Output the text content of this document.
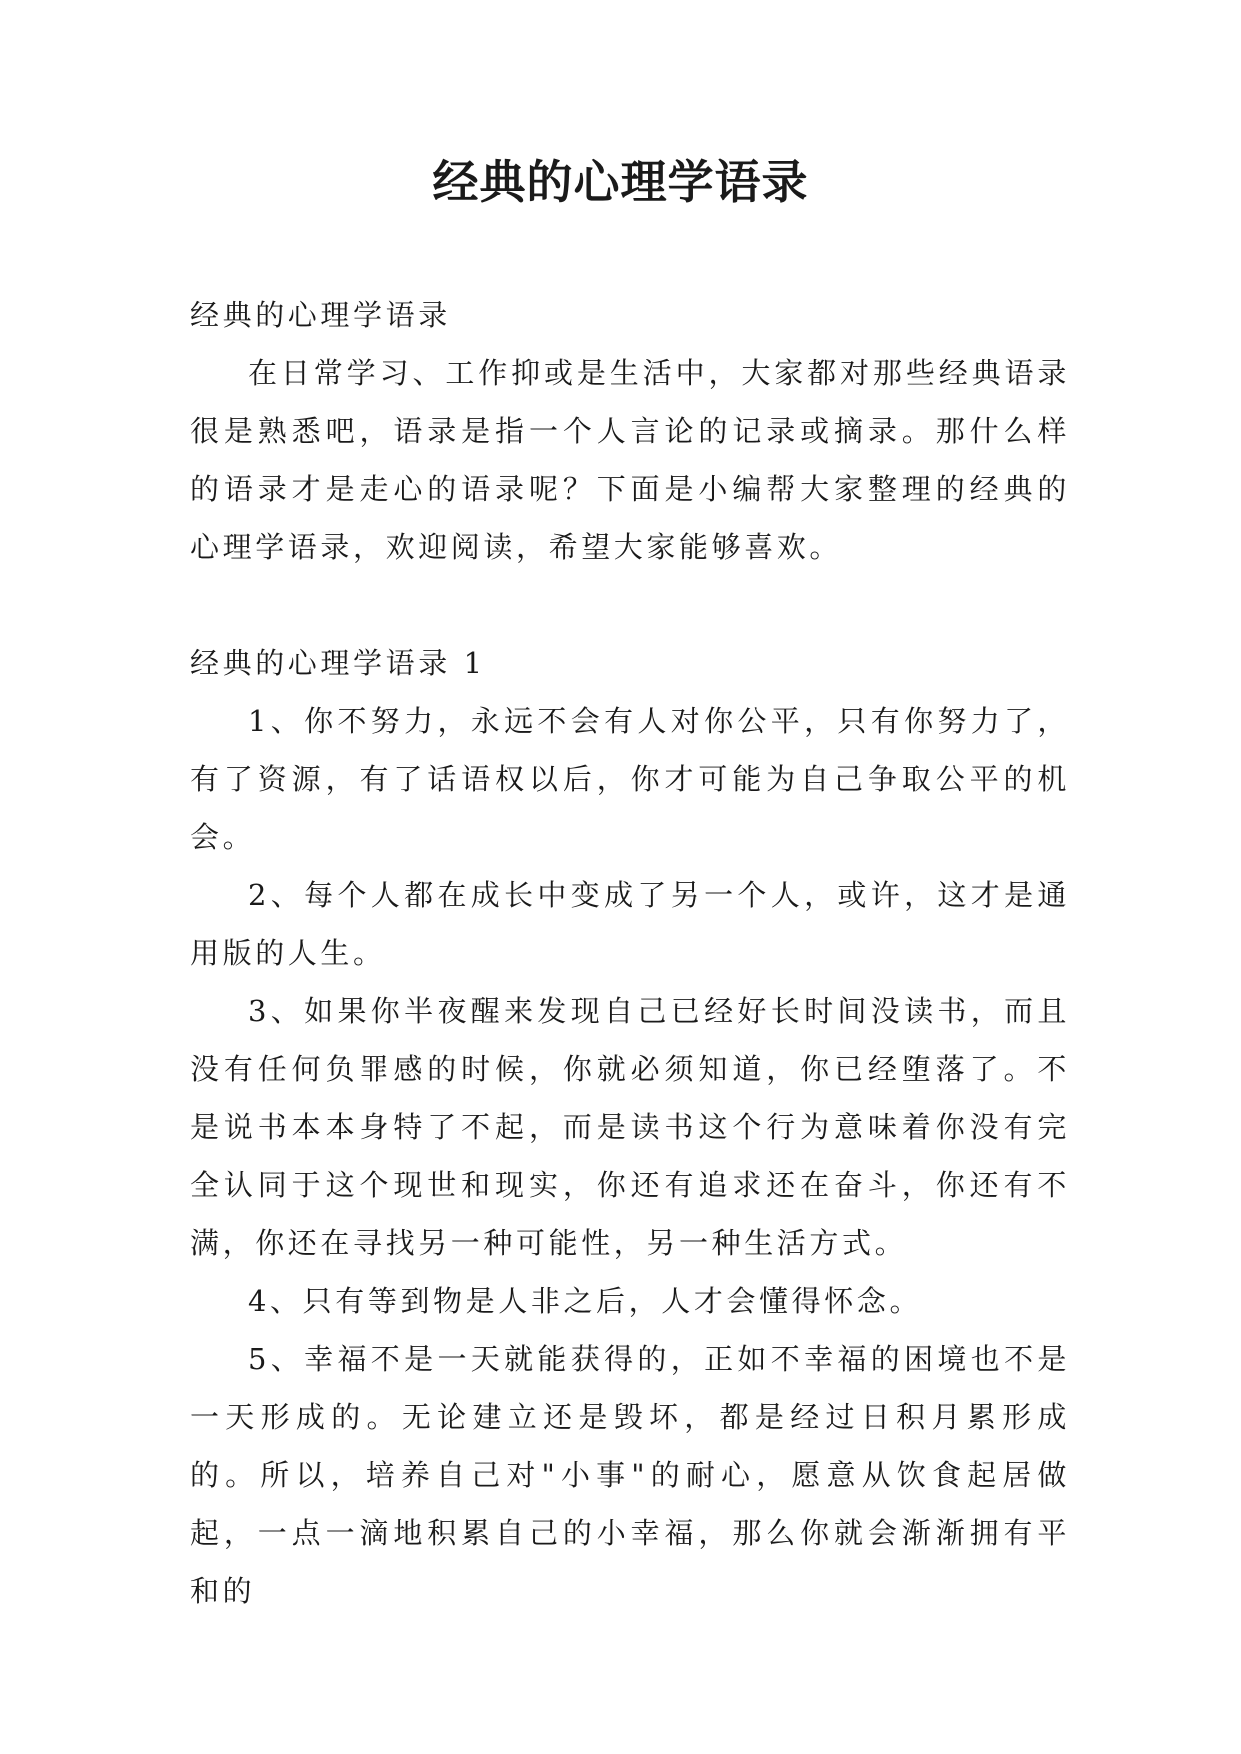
经典的心理学语录

经典的心理学语录

在日常学习、工作抑或是生活中，大家都对那些经典语录很是熟悉吧，语录是指一个人言论的记录或摘录。那什么样的语录才是走心的语录呢？下面是小编帮大家整理的经典的心理学语录，欢迎阅读，希望大家能够喜欢。

经典的心理学语录 1

1、你不努力，永远不会有人对你公平，只有你努力了，有了资源，有了话语权以后，你才可能为自己争取公平的机会。

2、每个人都在成长中变成了另一个人，或许，这才是通用版的人生。

3、如果你半夜醒来发现自己已经好长时间没读书，而且没有任何负罪感的时候，你就必须知道，你已经堕落了。不是说书本本身特了不起，而是读书这个行为意味着你没有完全认同于这个现世和现实，你还有追求还在奋斗，你还有不满，你还在寻找另一种可能性，另一种生活方式。

4、只有等到物是人非之后，人才会懂得怀念。

5、幸福不是一天就能获得的，正如不幸福的困境也不是一天形成的。无论建立还是毁坏，都是经过日积月累形成的。所以，培养自己对"小事"的耐心，愿意从饮食起居做起，一点一滴地积累自己的小幸福，那么你就会渐渐拥有平和的
